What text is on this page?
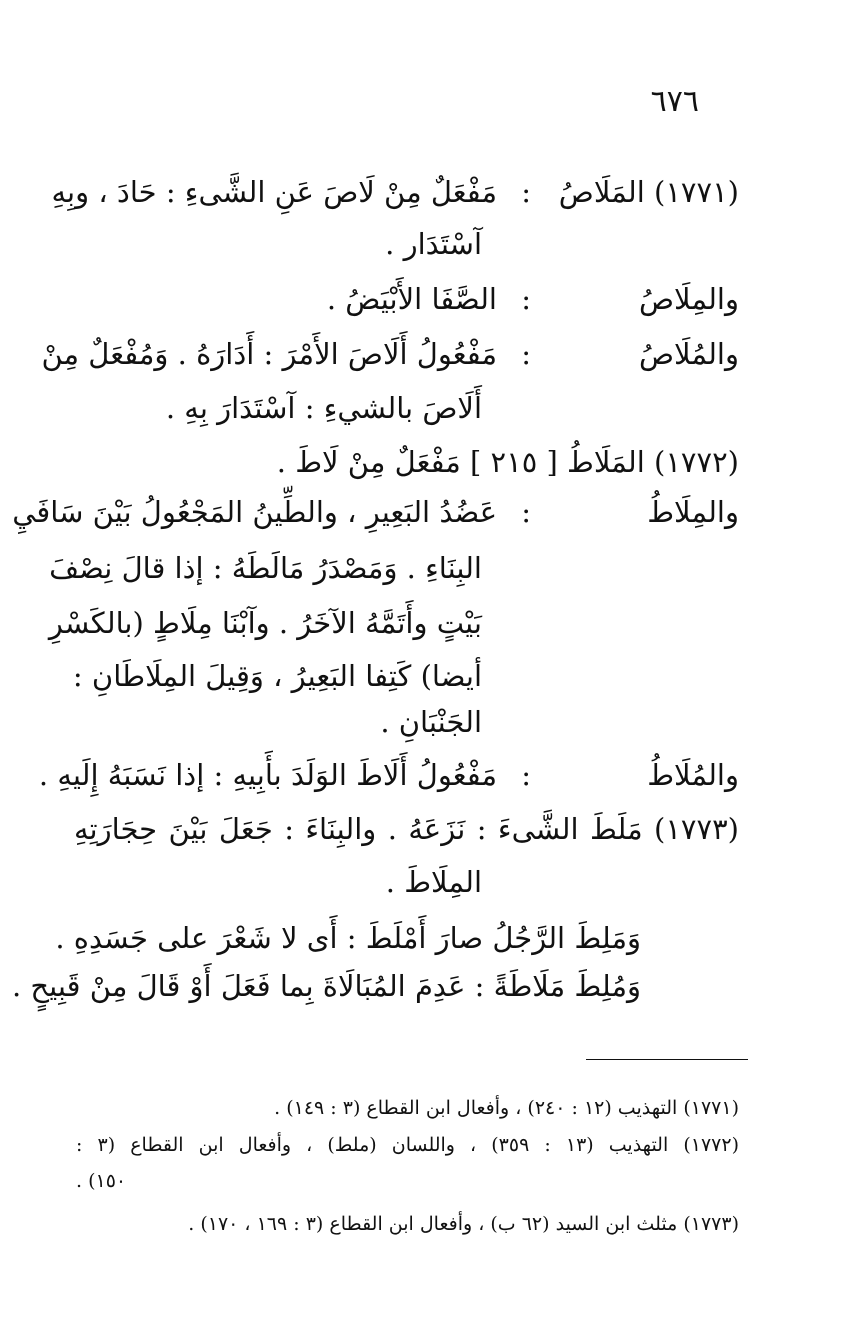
٦٧٦
(١٧٧١) المَلَاصُ
:
مَفْعَلٌ مِنْ لَاصَ عَنِ الشَّىءِ : حَادَ ، وبِهِ
آسْتَدَار .
والمِلَاصُ
:
الصَّفَا الأَبْيَضُ .
والمُلَاصُ
:
مَفْعُولُ أَلَاصَ الأَمْرَ : أَدَارَهُ . وَمُفْعَلٌ مِنْ
أَلَاصَ بالشيءِ : آسْتَدَارَ بِهِ .
(١٧٧٢) المَلَاطُ [ ٢١٥ ] مَفْعَلٌ مِنْ لَاطَ .
والمِلَاطُ
:
عَضُدُ البَعِيرِ ، والطِّينُ المَجْعُولُ بَيْنَ سَافَيِ
البِنَاءِ . وَمَصْدَرُ مَالَطَهُ : إذا قالَ نِصْفَ
بَيْتٍ وأَتَمَّهُ الآخَرُ . وآبْنَا مِلَاطٍ (بالكَسْرِ
أيضا) كَتِفا البَعِيرُ ، وَقِيلَ المِلَاطَانِ :
الجَنْبَانِ .
والمُلَاطُ
:
مَفْعُولُ أَلَاطَ الوَلَدَ بأَبِيهِ : إذا نَسَبَهُ إِلَيهِ .
(١٧٧٣) مَلَطَ الشَّىءَ : نَزَعَهُ . والبِنَاءَ : جَعَلَ بَيْنَ حِجَارَتِهِ
المِلَاطَ .
وَمَلِطَ الرَّجُلُ صارَ أَمْلَطَ : أَى لا شَعْرَ على جَسَدِهِ .
وَمُلِطَ مَلَاطَةً : عَدِمَ المُبَالَاةَ بِما فَعَلَ أَوْ قَالَ مِنْ قَبِيحٍ .
(١٧٧١) التهذيب (١٢ : ٢٤٠) ، وأفعال ابن القطاع (٣ : ١٤٩) .
(١٧٧٢) التهذيب (١٣ : ٣٥٩) ، واللسان (ملط) ، وأفعال ابن القطاع (٣ :
١٥٠) .
(١٧٧٣) مثلث ابن السيد (٦٢ ب) ، وأفعال ابن القطاع (٣ : ١٦٩ ، ١٧٠) .
